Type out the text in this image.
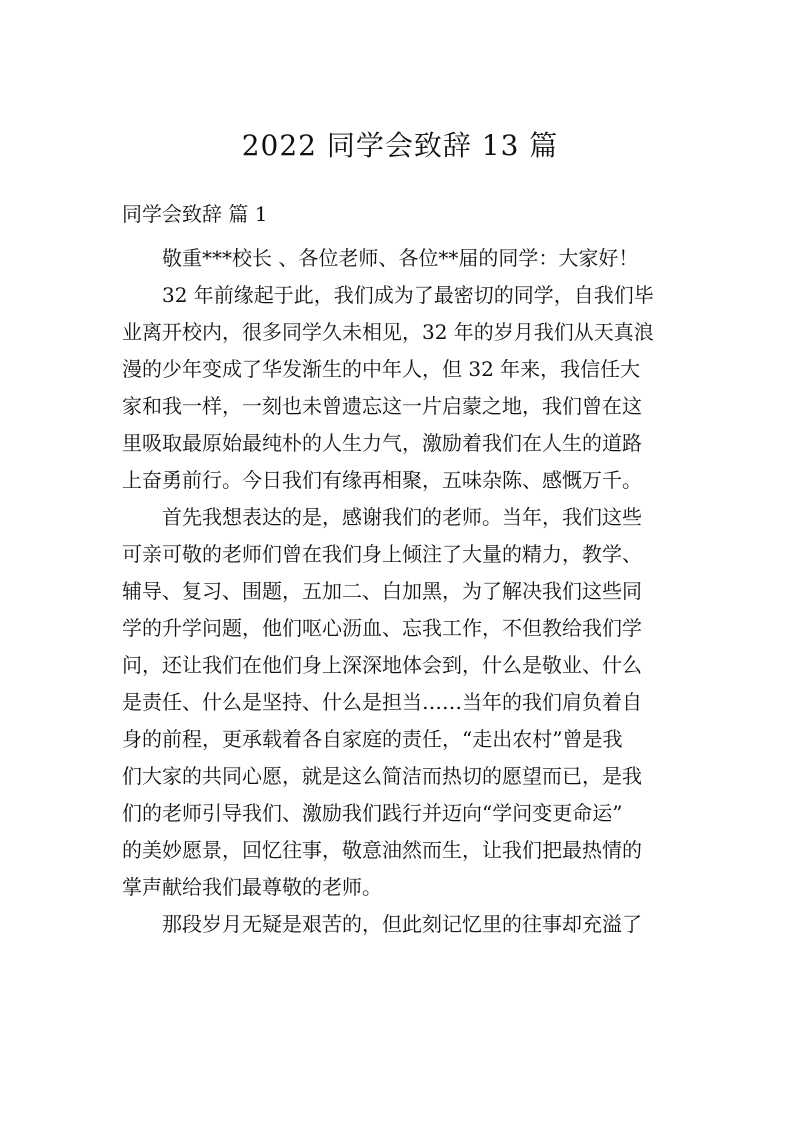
2022 同学会致辞 13 篇
同学会致辞 篇 1

敬重***校长 、各位老师、各位**届的同学：大家好！

32 年前缘起于此，我们成为了最密切的同学，自我们毕
业离开校内，很多同学久未相见，32 年的岁月我们从天真浪
漫的少年变成了华发渐生的中年人，但 32 年来，我信任大
家和我一样，一刻也未曾遗忘这一片启蒙之地，我们曾在这
里吸取最原始最纯朴的人生力气，激励着我们在人生的道路
上奋勇前行。今日我们有缘再相聚，五味杂陈、感慨万千。

首先我想表达的是，感谢我们的老师。当年，我们这些
可亲可敬的老师们曾在我们身上倾注了大量的精力，教学、
辅导、复习、围题，五加二、白加黑，为了解决我们这些同
学的升学问题，他们呕心沥血、忘我工作，不但教给我们学
问，还让我们在他们身上深深地体会到，什么是敬业、什么
是责任、什么是坚持、什么是担当……当年的我们肩负着自
身的前程，更承载着各自家庭的责任，“走出农村”曾是我
们大家的共同心愿，就是这么简洁而热切的愿望而已，是我
们的老师引导我们、激励我们践行并迈向“学问变更命运”
的美妙愿景，回忆往事，敬意油然而生，让我们把最热情的
掌声献给我们最尊敬的老师。

那段岁月无疑是艰苦的，但此刻记忆里的往事却充溢了
